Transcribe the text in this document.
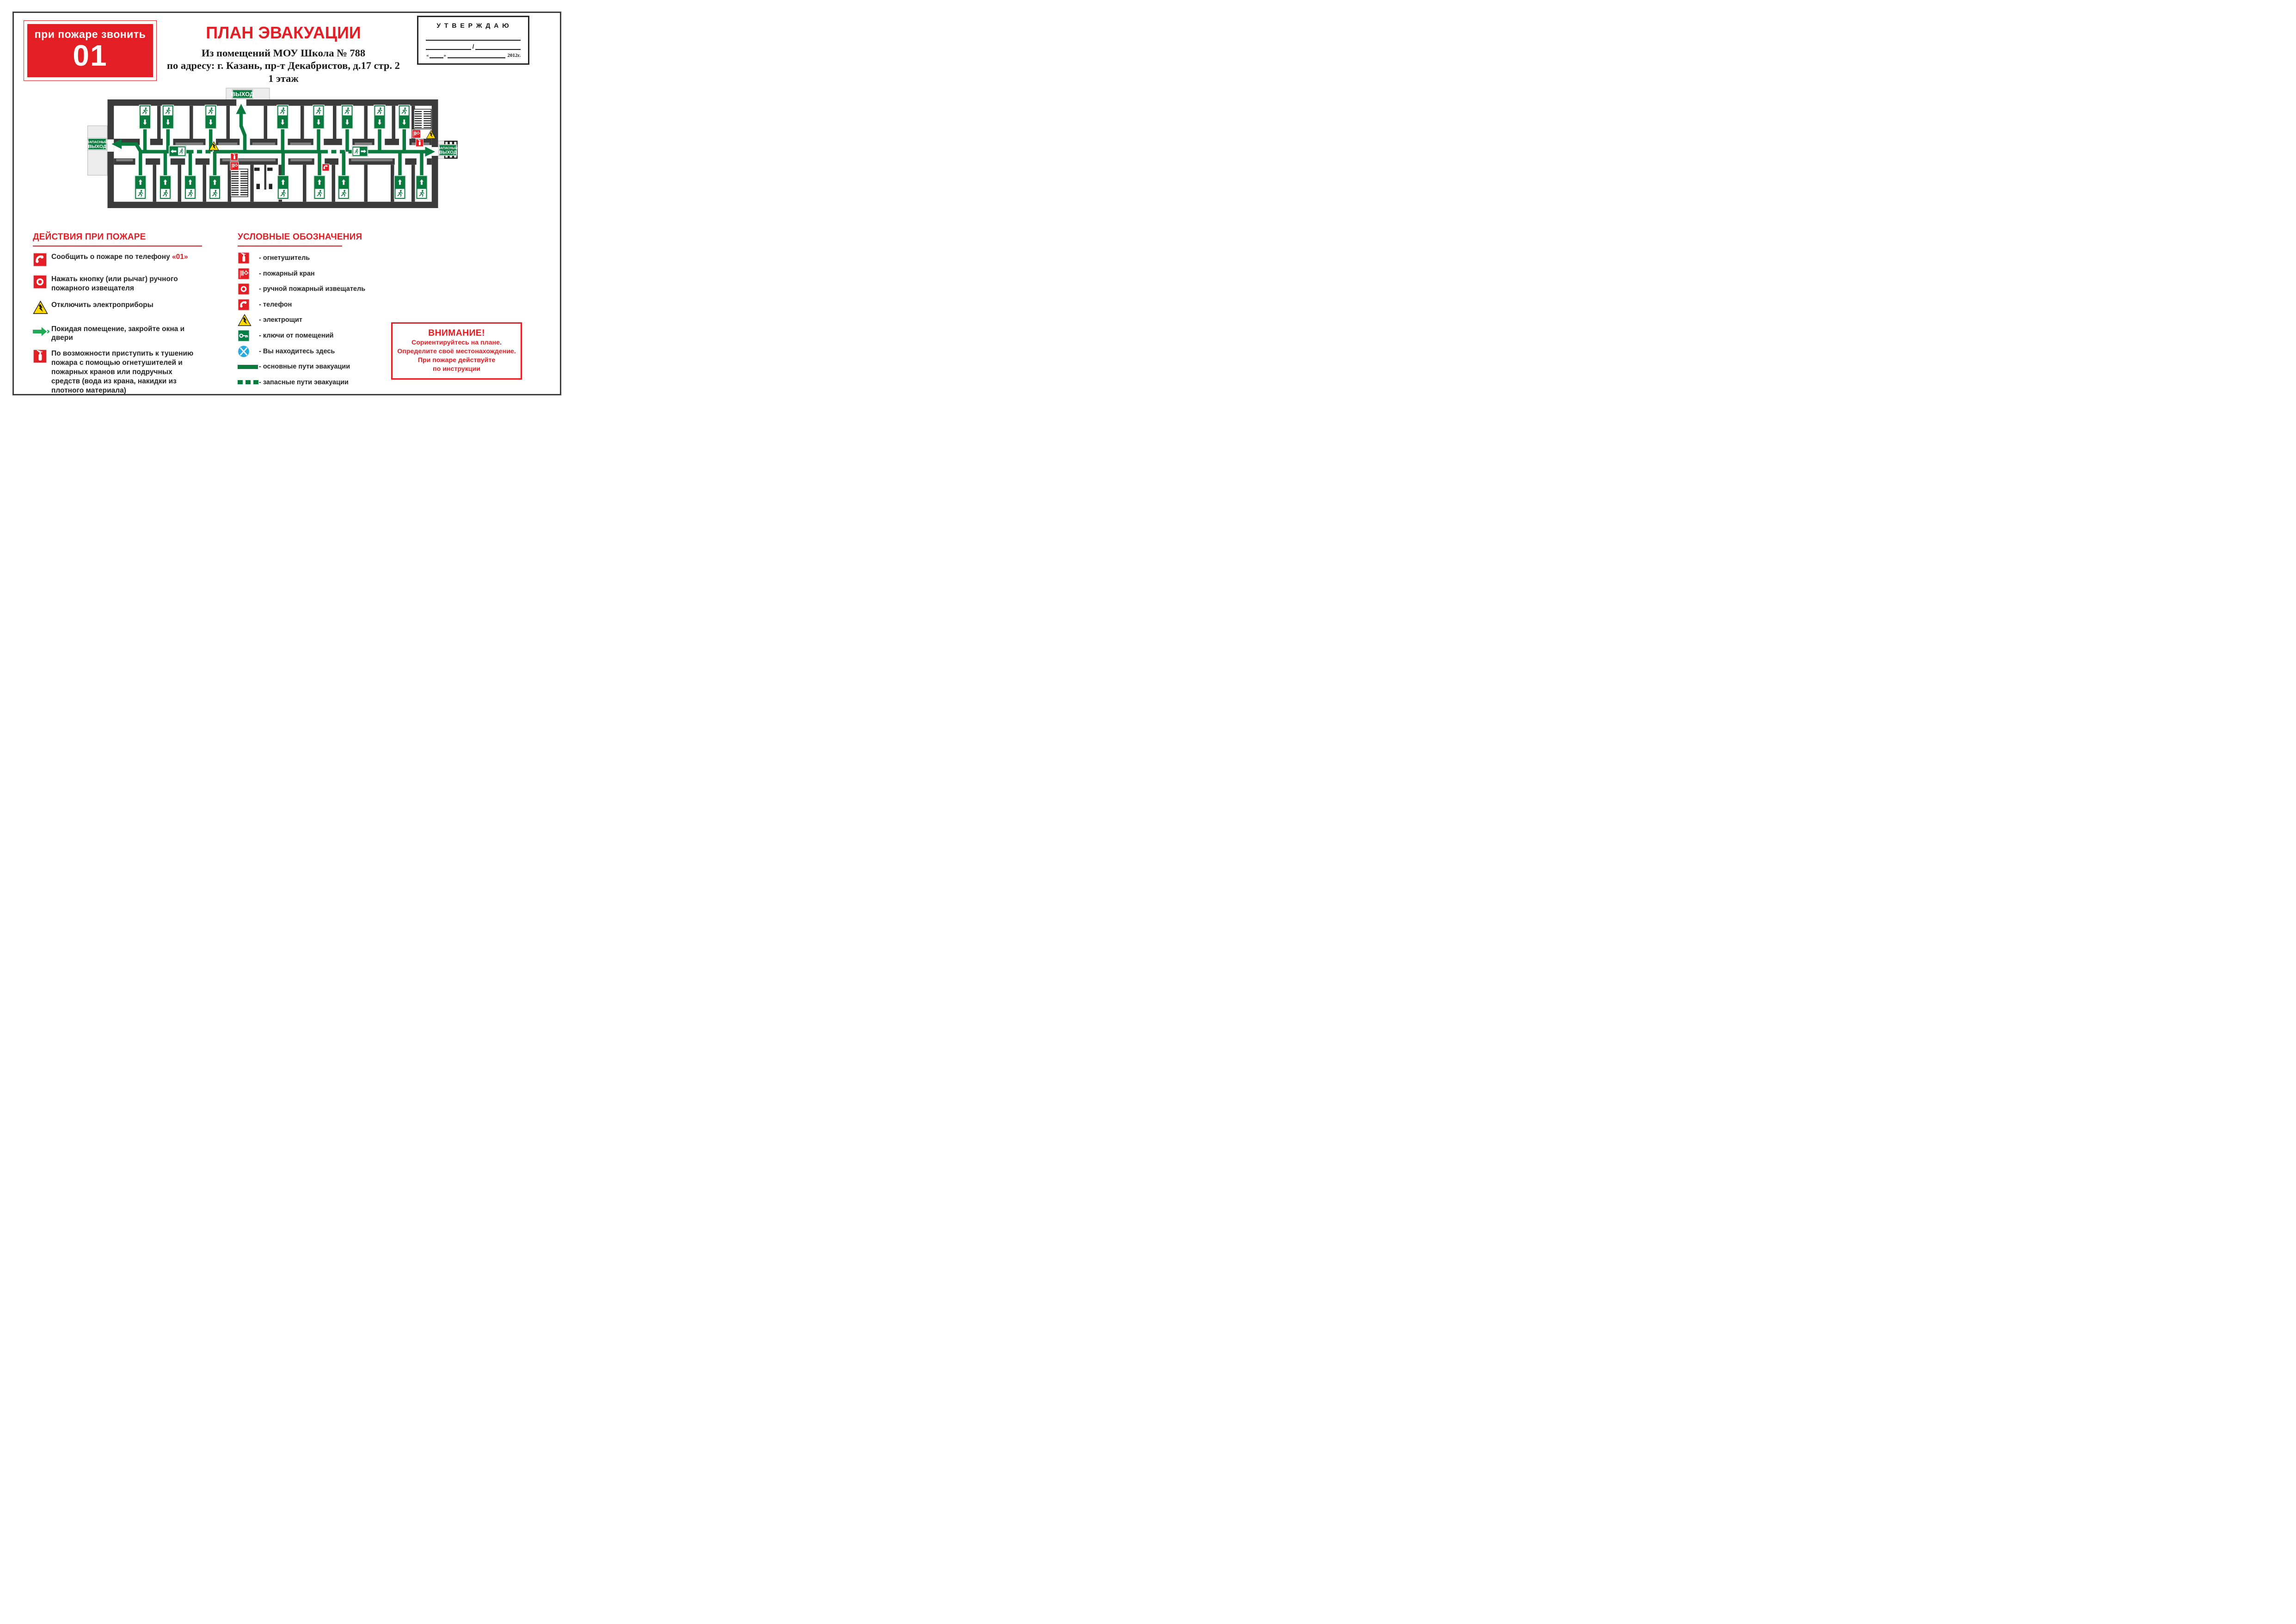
при пожаре звонить
01
ПЛАН ЭВАКУАЦИИ
Из помещений МОУ Школа № 788
по адресу: г. Казань, пр-т Декабристов, д.17 стр. 2
1 этаж
У Т В Е Р Ж Д А Ю
/
«	»	2012г.
ВЫХОД
ЗАПАСНЫЙ
ВЫХОД	ЗАПАСНЫЙ
ВЫХОД
ДЕЙСТВИЯ ПРИ ПОЖАРЕ
Сообщить о пожаре по телефону «01»
Нажать кнопку (или рычаг) ручного пожарного извещателя
Отключить электроприборы
Покидая помещение, закройте окна и двери
По возможности приступить к тушению пожара с помощью огнетушителей и пожарных кранов или подручных средств (вода из крана, накидки из плотного материала)
УСЛОВНЫЕ ОБОЗНАЧЕНИЯ
- огнетушитель
- пожарный кран
- ручной пожарный извещатель
- телефон
- электрощит
- ключи от помещений
- Вы находитесь здесь
- основные пути эвакуации
- запасные пути эвакуации
ВНИМАНИЕ!
Сориентируйтесь на плане.
Определите своё местонахождение.
При пожаре действуйте
по инструкции
